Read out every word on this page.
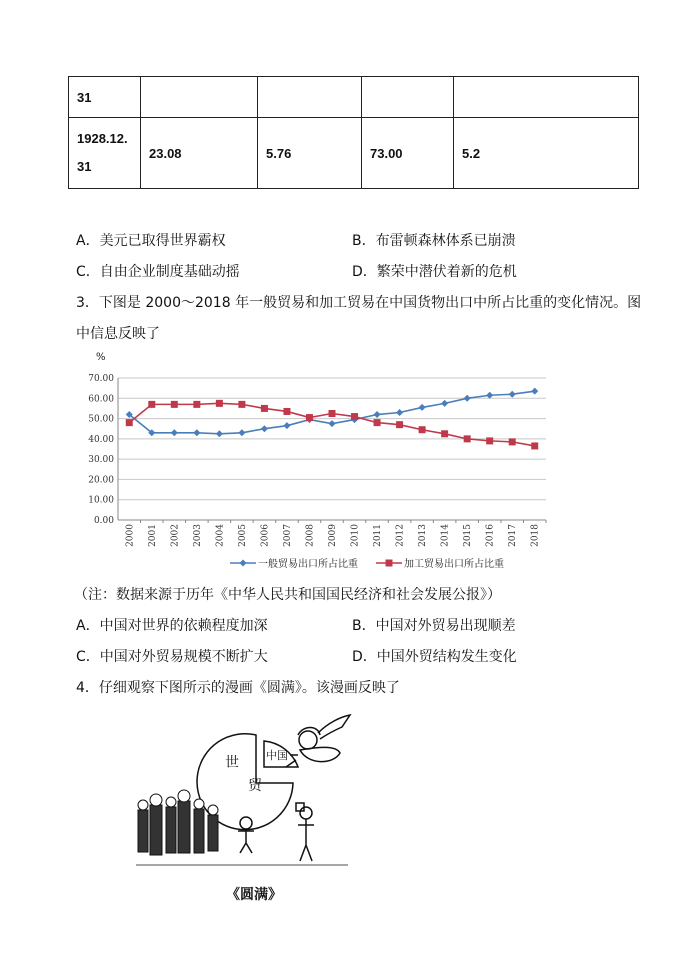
31				

1928.12.
31	23.08	5.76	73.00	5.2
A．美元已取得世界霸权	B．布雷顿森林体系已崩溃
C．自由企业制度基础动摇	D．繁荣中潜伏着新的危机
3．下图是 2000～2018 年一般贸易和加工贸易在中国货物出口中所占比重的变化情况。图
中信息反映了
%
0.00
10.00
20.00
30.00
40.00
50.00
60.00
70.00
2000 2001 2002 2003 2004 2005 2006 2007 2008 2009 2010 2011 2012 2013 2014 2015 2016 2017 2018
一般贸易出口所占比重	加工贸易出口所占比重
（注：数据来源于历年《中华人民共和国国民经济和社会发展公报》）
A．中国对世界的依赖程度加深	B．中国对外贸易出现顺差
C．中国对外贸易规模不断扩大	D．中国外贸结构发生变化
4．仔细观察下图所示的漫画《圆满》。该漫画反映了
世
贸
中国
《圆满》
